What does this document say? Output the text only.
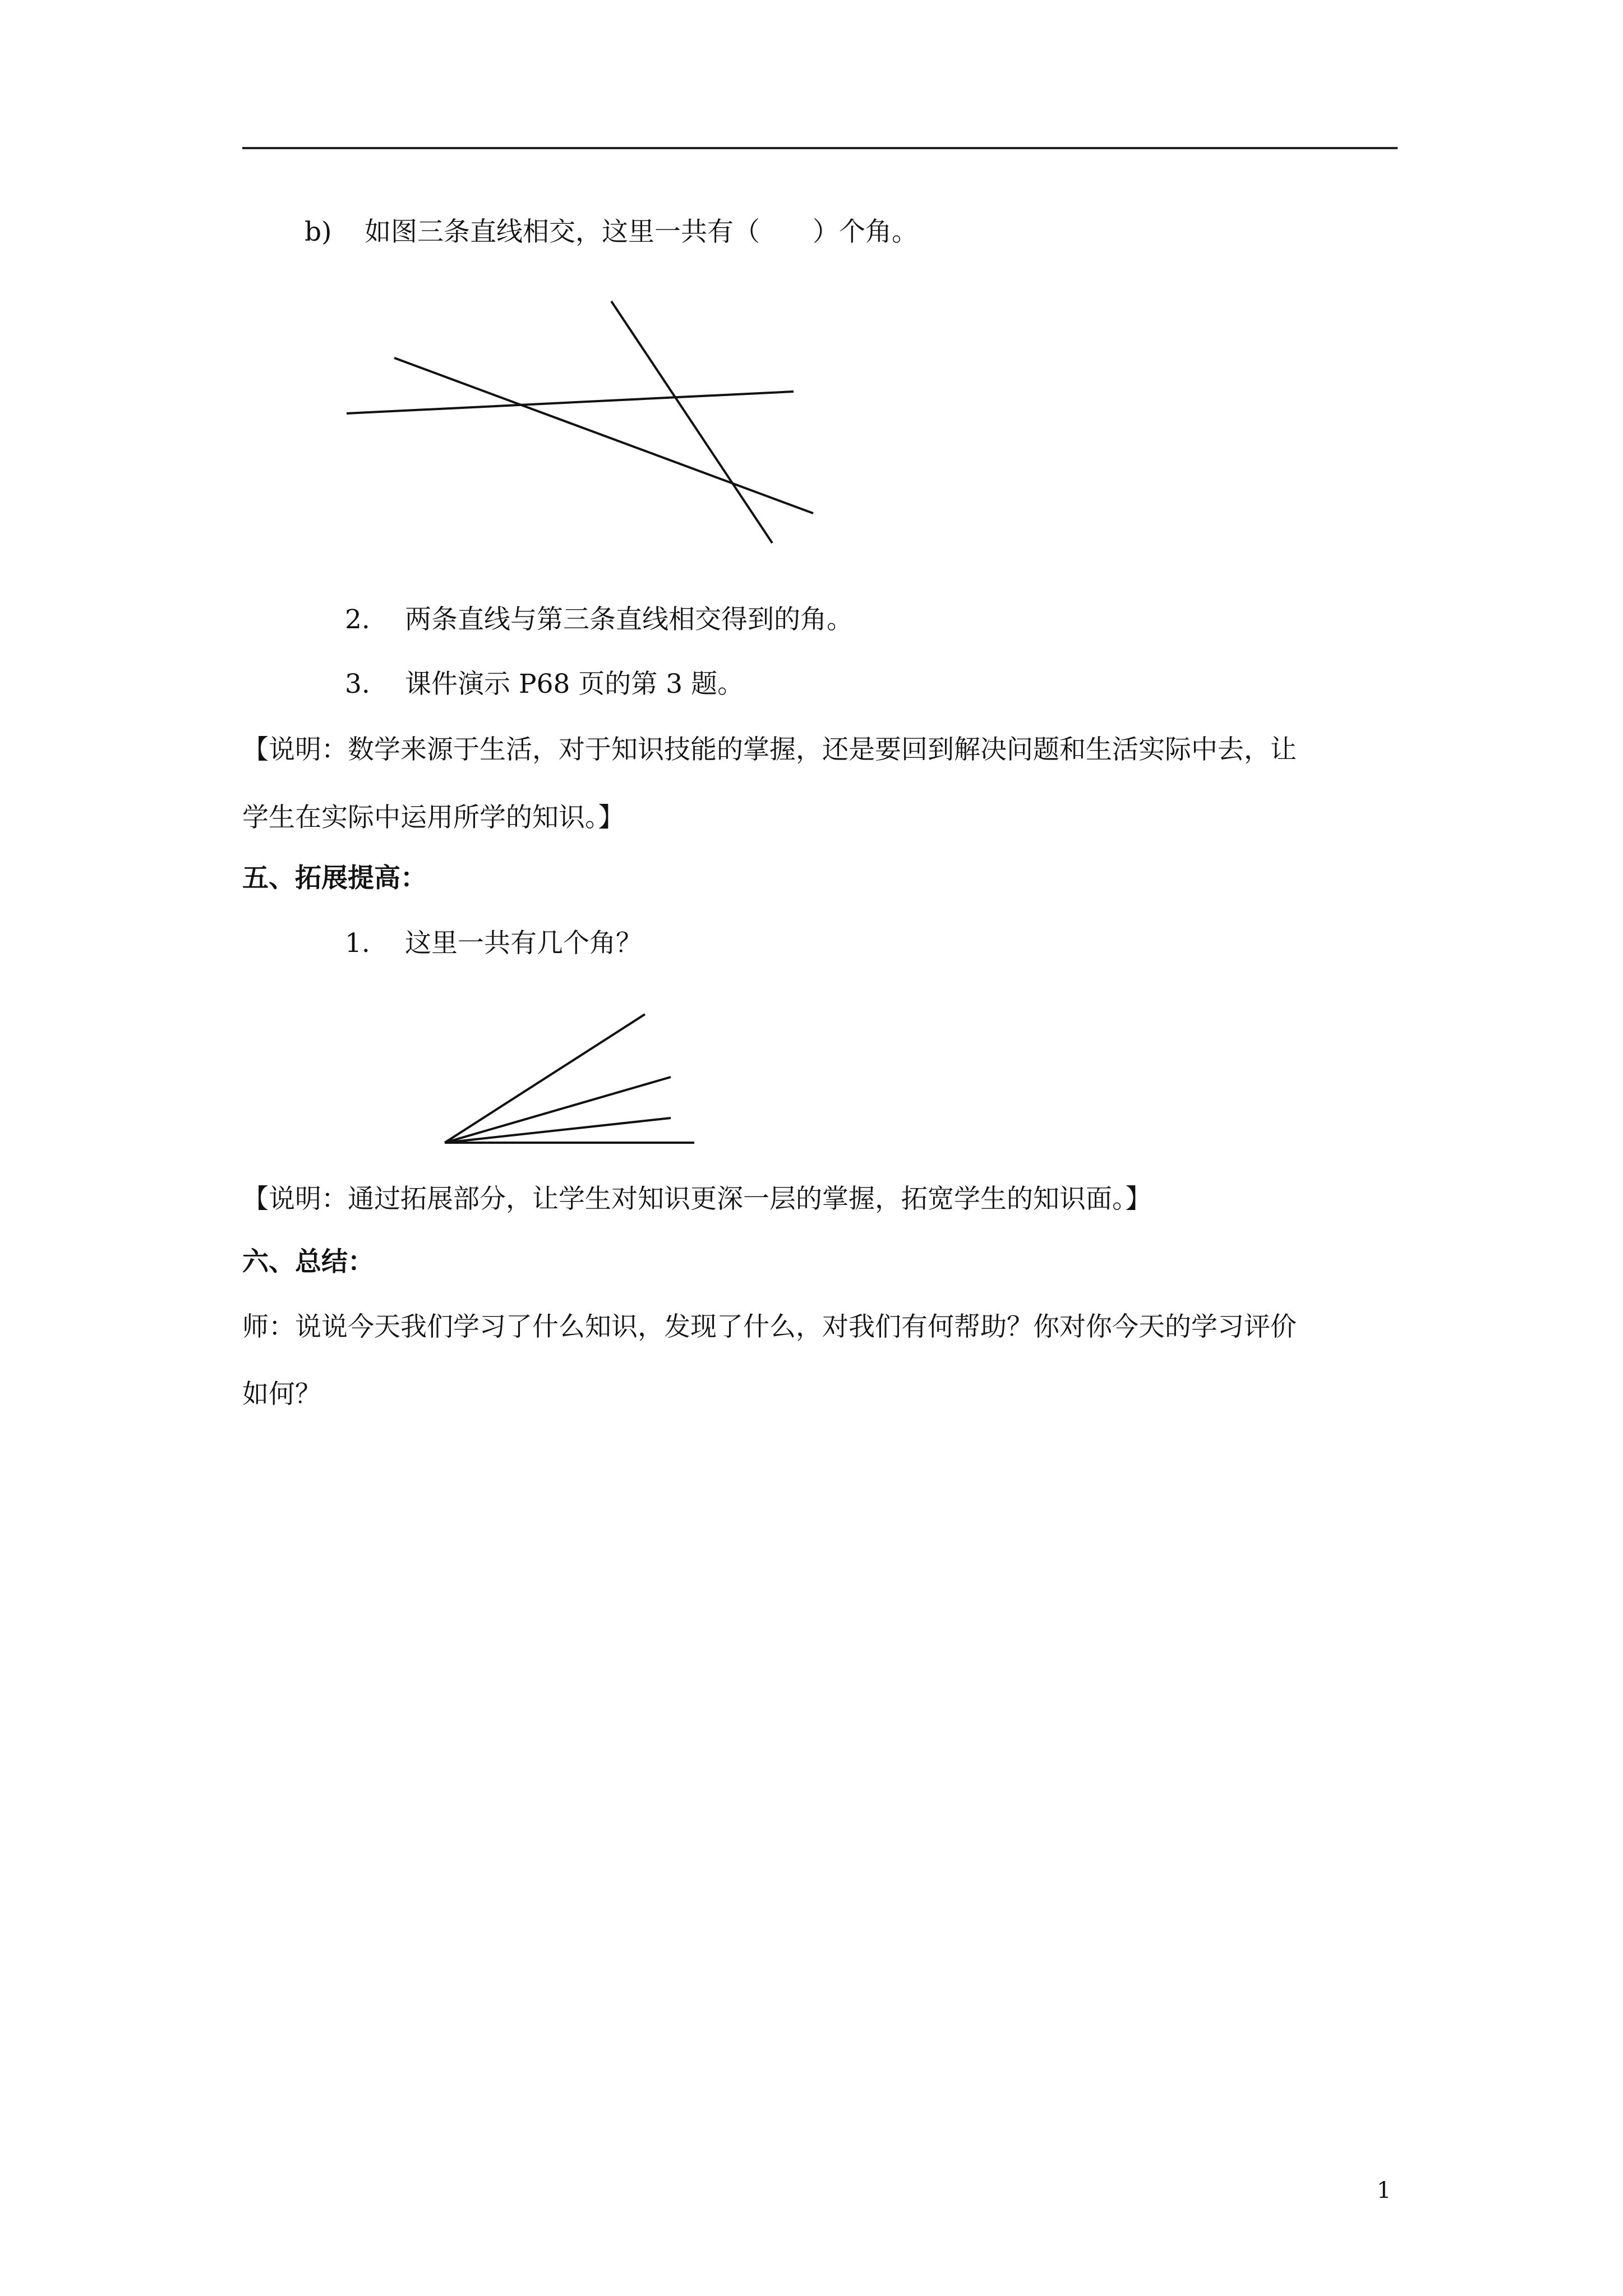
b) 如图三条直线相交，这里一共有（　　）个角。
2. 两条直线与第三条直线相交得到的角。
3. 课件演示 P68 页的第 3 题。
【说明：数学来源于生活，对于知识技能的掌握，还是要回到解决问题和生活实际中去，让
学生在实际中运用所学的知识。】
五、拓展提高：
1. 这里一共有几个角？
【说明：通过拓展部分，让学生对知识更深一层的掌握，拓宽学生的知识面。】
六、总结：
师：说说今天我们学习了什么知识，发现了什么，对我们有何帮助？你对你今天的学习评价
如何？
1
